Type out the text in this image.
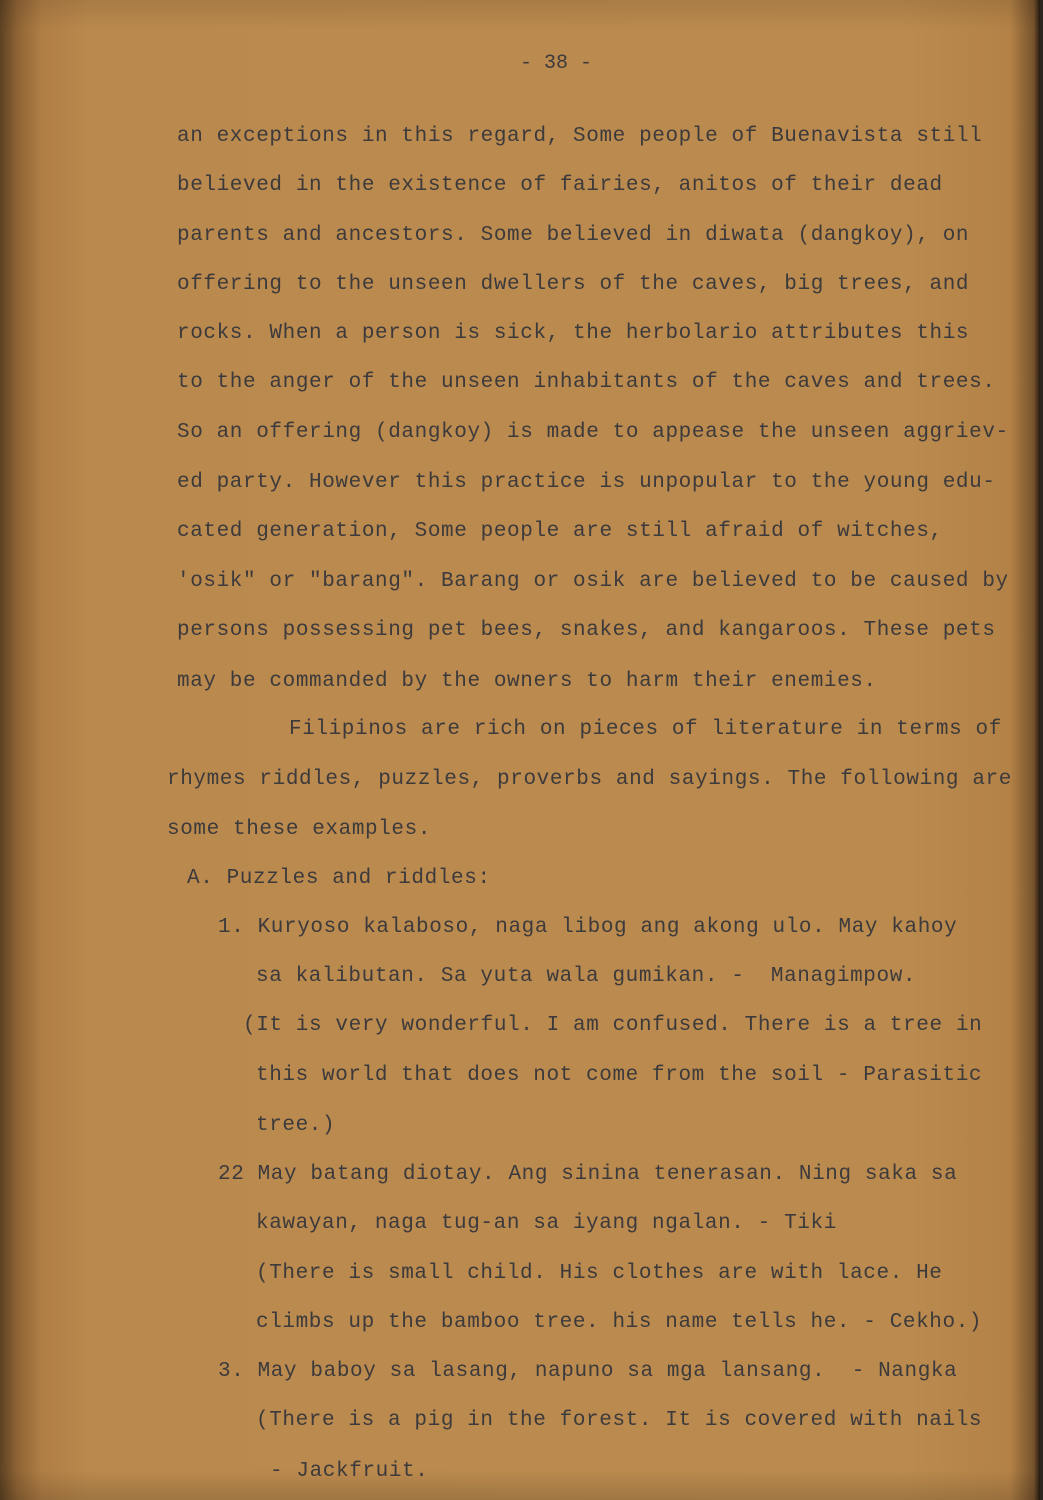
- 38 -
an exceptions in this regard, Some people of Buenavista still
believed in the existence of fairies, anitos of their dead
parents and ancestors. Some believed in diwata (dangkoy), on
offering to the unseen dwellers of the caves, big trees, and
rocks. When a person is sick, the herbolario attributes this
to the anger of the unseen inhabitants of the caves and trees.
So an offering (dangkoy) is made to appease the unseen aggriev-
ed party. However this practice is unpopular to the young edu-
cated generation, Some people are still afraid of witches,
'osik" or "barang". Barang or osik are believed to be caused by
persons possessing pet bees, snakes, and kangaroos. These pets
may be commanded by the owners to harm their enemies.
Filipinos are rich on pieces of literature in terms of
rhymes riddles, puzzles, proverbs and sayings. The following are
some these examples.
A. Puzzles and riddles:
1. Kuryoso kalaboso, naga libog ang akong ulo. May kahoy
sa kalibutan. Sa yuta wala gumikan. -  Managimpow.
(It is very wonderful. I am confused. There is a tree in
this world that does not come from the soil - Parasitic
tree.)
22 May batang diotay. Ang sinina tenerasan. Ning saka sa
kawayan, naga tug-an sa iyang ngalan. - Tiki
(There is small child. His clothes are with lace. He
climbs up the bamboo tree. his name tells he. - Cekho.)
3. May baboy sa lasang, napuno sa mga lansang.  - Nangka
(There is a pig in the forest. It is covered with nails
- Jackfruit.
